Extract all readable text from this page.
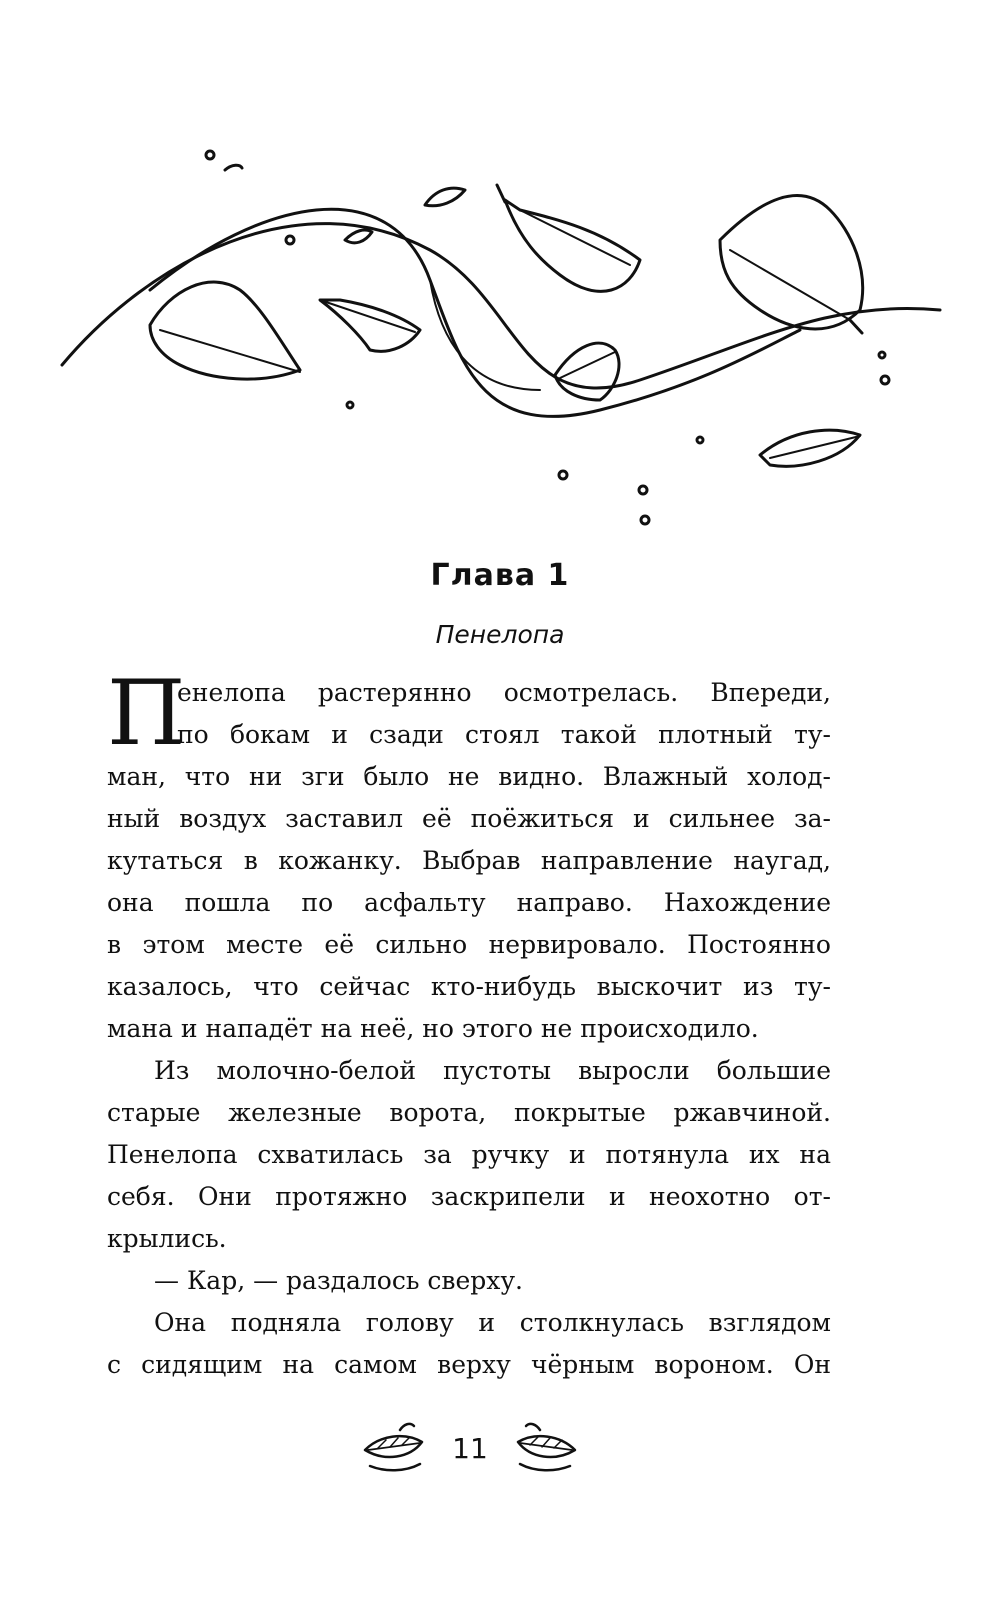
Глава 1
Пенелопа
П
енелопа растерянно осмотрелась. Впереди,
по бокам и сзади стоял такой плотный ту-
ман, что ни зги было не видно. Влажный холод-
ный воздух заставил её поёжиться и сильнее за-
кутаться в кожанку. Выбрав направление наугад,
она пошла по асфальту направо. Нахождение
в этом месте её сильно нервировало. Постоянно
казалось, что сейчас кто-нибудь выскочит из ту-
мана и нападёт на неё, но этого не происходило.
Из молочно-белой пустоты выросли большие
старые железные ворота, покрытые ржавчиной.
Пенелопа схватилась за ручку и потянула их на
себя. Они протяжно заскрипели и неохотно от-
крылись.
— Кар, — раздалось сверху.
Она подняла голову и столкнулась взглядом
с сидящим на самом верху чёрным вороном. Он
11
